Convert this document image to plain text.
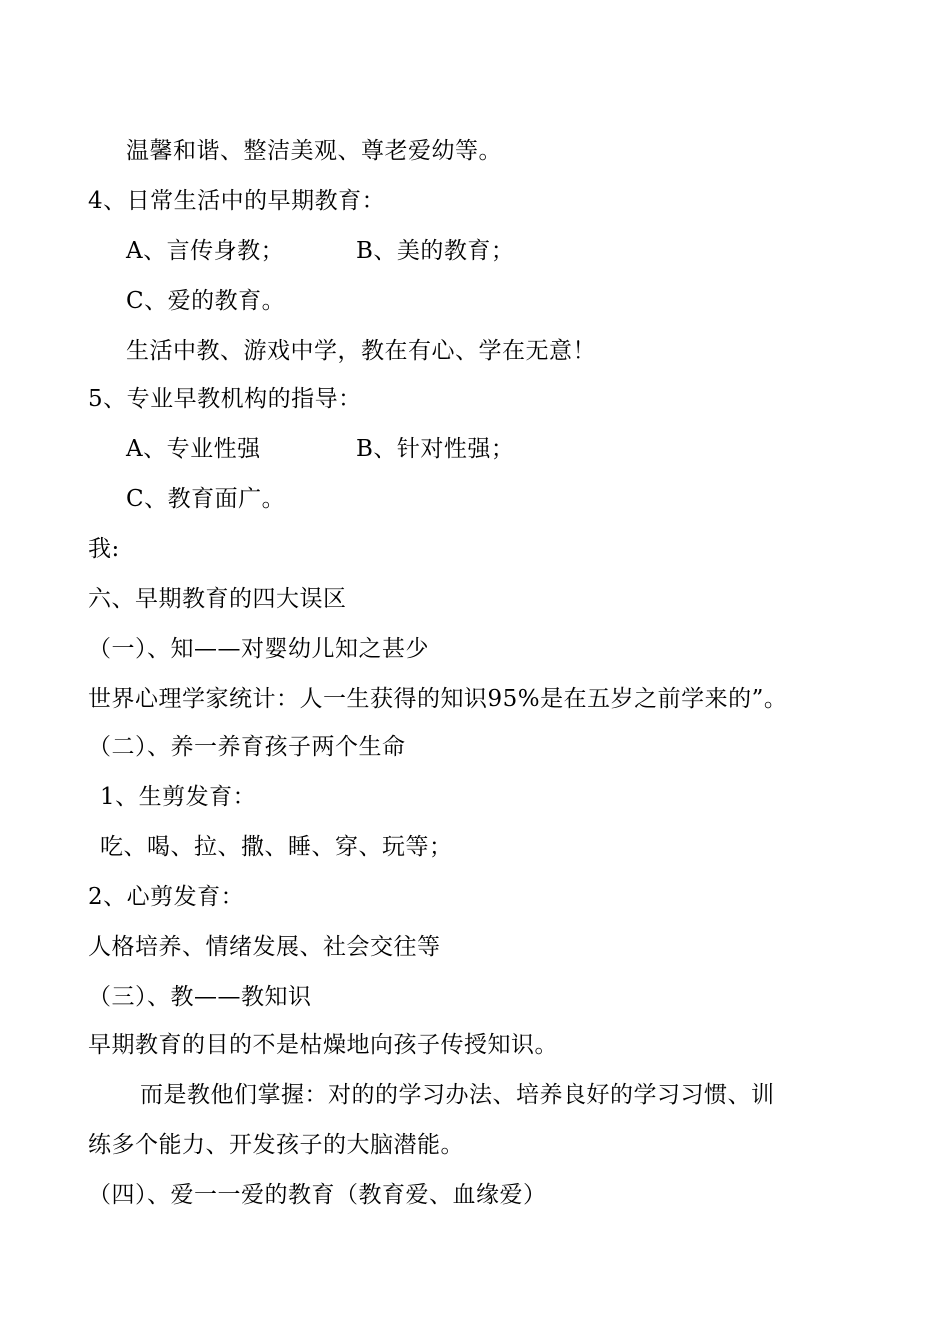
温馨和谐、整洁美观、尊老爱幼等。
4、日常生活中的早期教育：
A、言传身教；	B、美的教育；
C、爱的教育。
生活中教、游戏中学，教在有心、学在无意！
5、专业早教机构的指导：
A、专业性强	B、针对性强；
C、教育面广。
我:
六、早期教育的四大误区
（一）、知——对婴幼儿知之甚少
世界心理学家统计：人一生获得的知识95%是在五岁之前学来的”。
（二）、养一养育孩子两个生命
1、生剪发育：
吃、喝、拉、撒、睡、穿、玩等；
2、心剪发育：
人格培养、情绪发展、社会交往等
（三）、教——教知识
早期教育的目的不是枯燥地向孩子传授知识。
而是教他们掌握：对的的学习办法、培养良好的学习习惯、训
练多个能力、开发孩子的大脑潜能。
（四）、爱一一爱的教育（教育爱、血缘爱）
